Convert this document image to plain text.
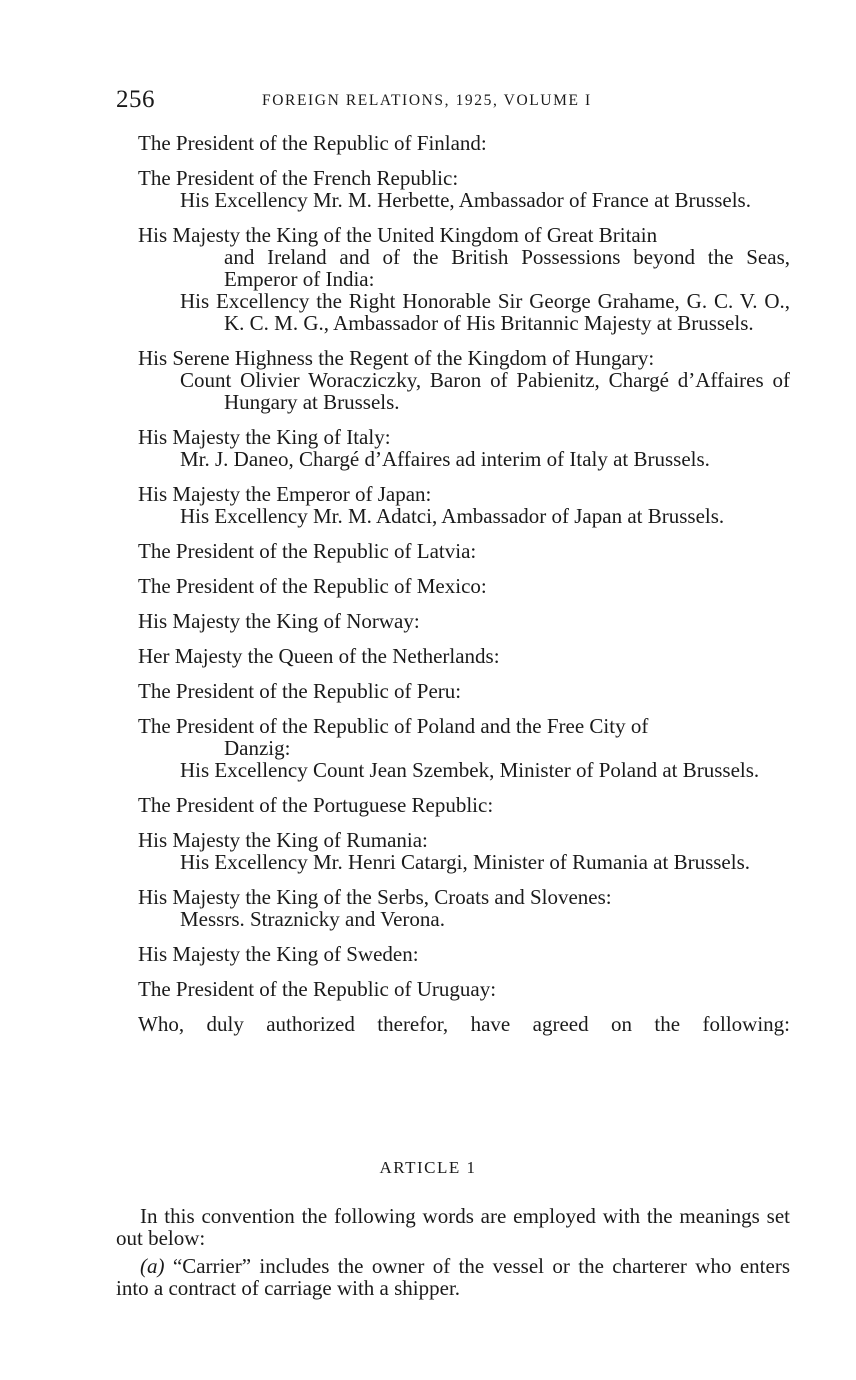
256	FOREIGN RELATIONS, 1925, VOLUME I
The President of the Republic of Finland:
The President of the French Republic:
His Excellency Mr. M. Herbette, Ambassador of France at Brussels.
His Majesty the King of the United Kingdom of Great Britain
and Ireland and of the British Possessions beyond the Seas, Emperor of India:
His Excellency the Right Honorable Sir George Grahame, G. C. V. O., K. C. M. G., Ambassador of His Britannic Majesty at Brussels.
His Serene Highness the Regent of the Kingdom of Hungary:
Count Olivier Woracziczky, Baron of Pabienitz, Chargé d’Affaires of Hungary at Brussels.
His Majesty the King of Italy:
Mr. J. Daneo, Chargé d’Affaires ad interim of Italy at Brussels.
His Majesty the Emperor of Japan:
His Excellency Mr. M. Adatci, Ambassador of Japan at Brussels.
The President of the Republic of Latvia:
The President of the Republic of Mexico:
His Majesty the King of Norway:
Her Majesty the Queen of the Netherlands:
The President of the Republic of Peru:
The President of the Republic of Poland and the Free City of
Danzig:
His Excellency Count Jean Szembek, Minister of Poland at Brussels.
The President of the Portuguese Republic:
His Majesty the King of Rumania:
His Excellency Mr. Henri Catargi, Minister of Rumania at Brussels.
His Majesty the King of the Serbs, Croats and Slovenes:
Messrs. Straznicky and Verona.
His Majesty the King of Sweden:
The President of the Republic of Uruguay:
Who, duly authorized therefor, have agreed on the following:
ARTICLE 1

In this convention the following words are employed with the meanings set out below:

(a) “Carrier” includes the owner of the vessel or the charterer who enters into a contract of carriage with a shipper.
